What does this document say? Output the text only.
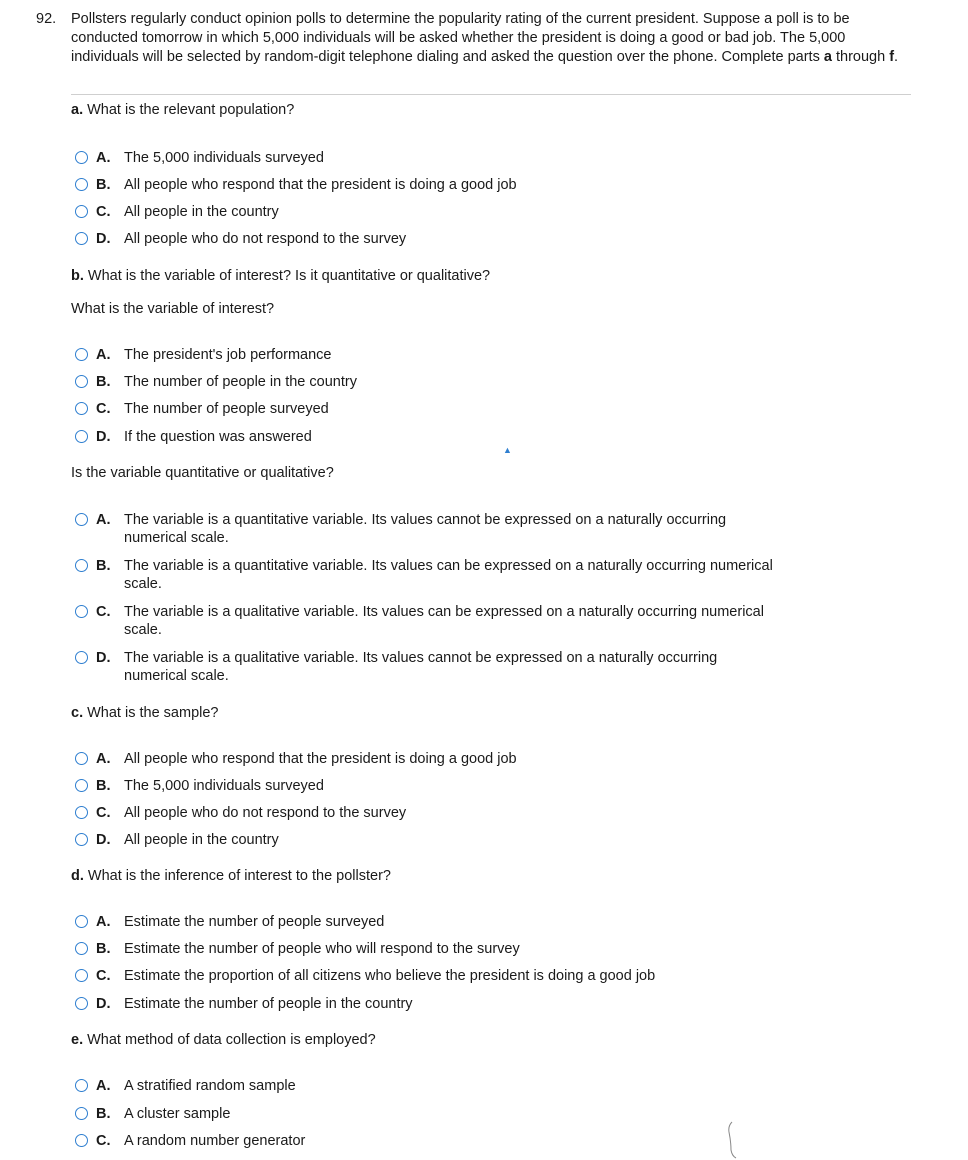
92. Pollsters regularly conduct opinion polls to determine the popularity rating of the current president. Suppose a poll is to be conducted tomorrow in which 5,000 individuals will be asked whether the president is doing a good or bad job. The 5,000 individuals will be selected by random-digit telephone dialing and asked the question over the phone. Complete parts a through f.
a. What is the relevant population?
A. The 5,000 individuals surveyed
B. All people who respond that the president is doing a good job
C. All people in the country
D. All people who do not respond to the survey
b. What is the variable of interest? Is it quantitative or qualitative?
What is the variable of interest?
A. The president's job performance
B. The number of people in the country
C. The number of people surveyed
D. If the question was answered
▲
Is the variable quantitative or qualitative?
A. The variable is a quantitative variable. Its values cannot be expressed on a naturally occurring numerical scale.
B. The variable is a quantitative variable. Its values can be expressed on a naturally occurring numerical scale.
C. The variable is a qualitative variable. Its values can be expressed on a naturally occurring numerical scale.
D. The variable is a qualitative variable. Its values cannot be expressed on a naturally occurring numerical scale.
c. What is the sample?
A. All people who respond that the president is doing a good job
B. The 5,000 individuals surveyed
C. All people who do not respond to the survey
D. All people in the country
d. What is the inference of interest to the pollster?
A. Estimate the number of people surveyed
B. Estimate the number of people who will respond to the survey
C. Estimate the proportion of all citizens who believe the president is doing a good job
D. Estimate the number of people in the country
e. What method of data collection is employed?
A. A stratified random sample
B. A cluster sample
C. A random number generator
